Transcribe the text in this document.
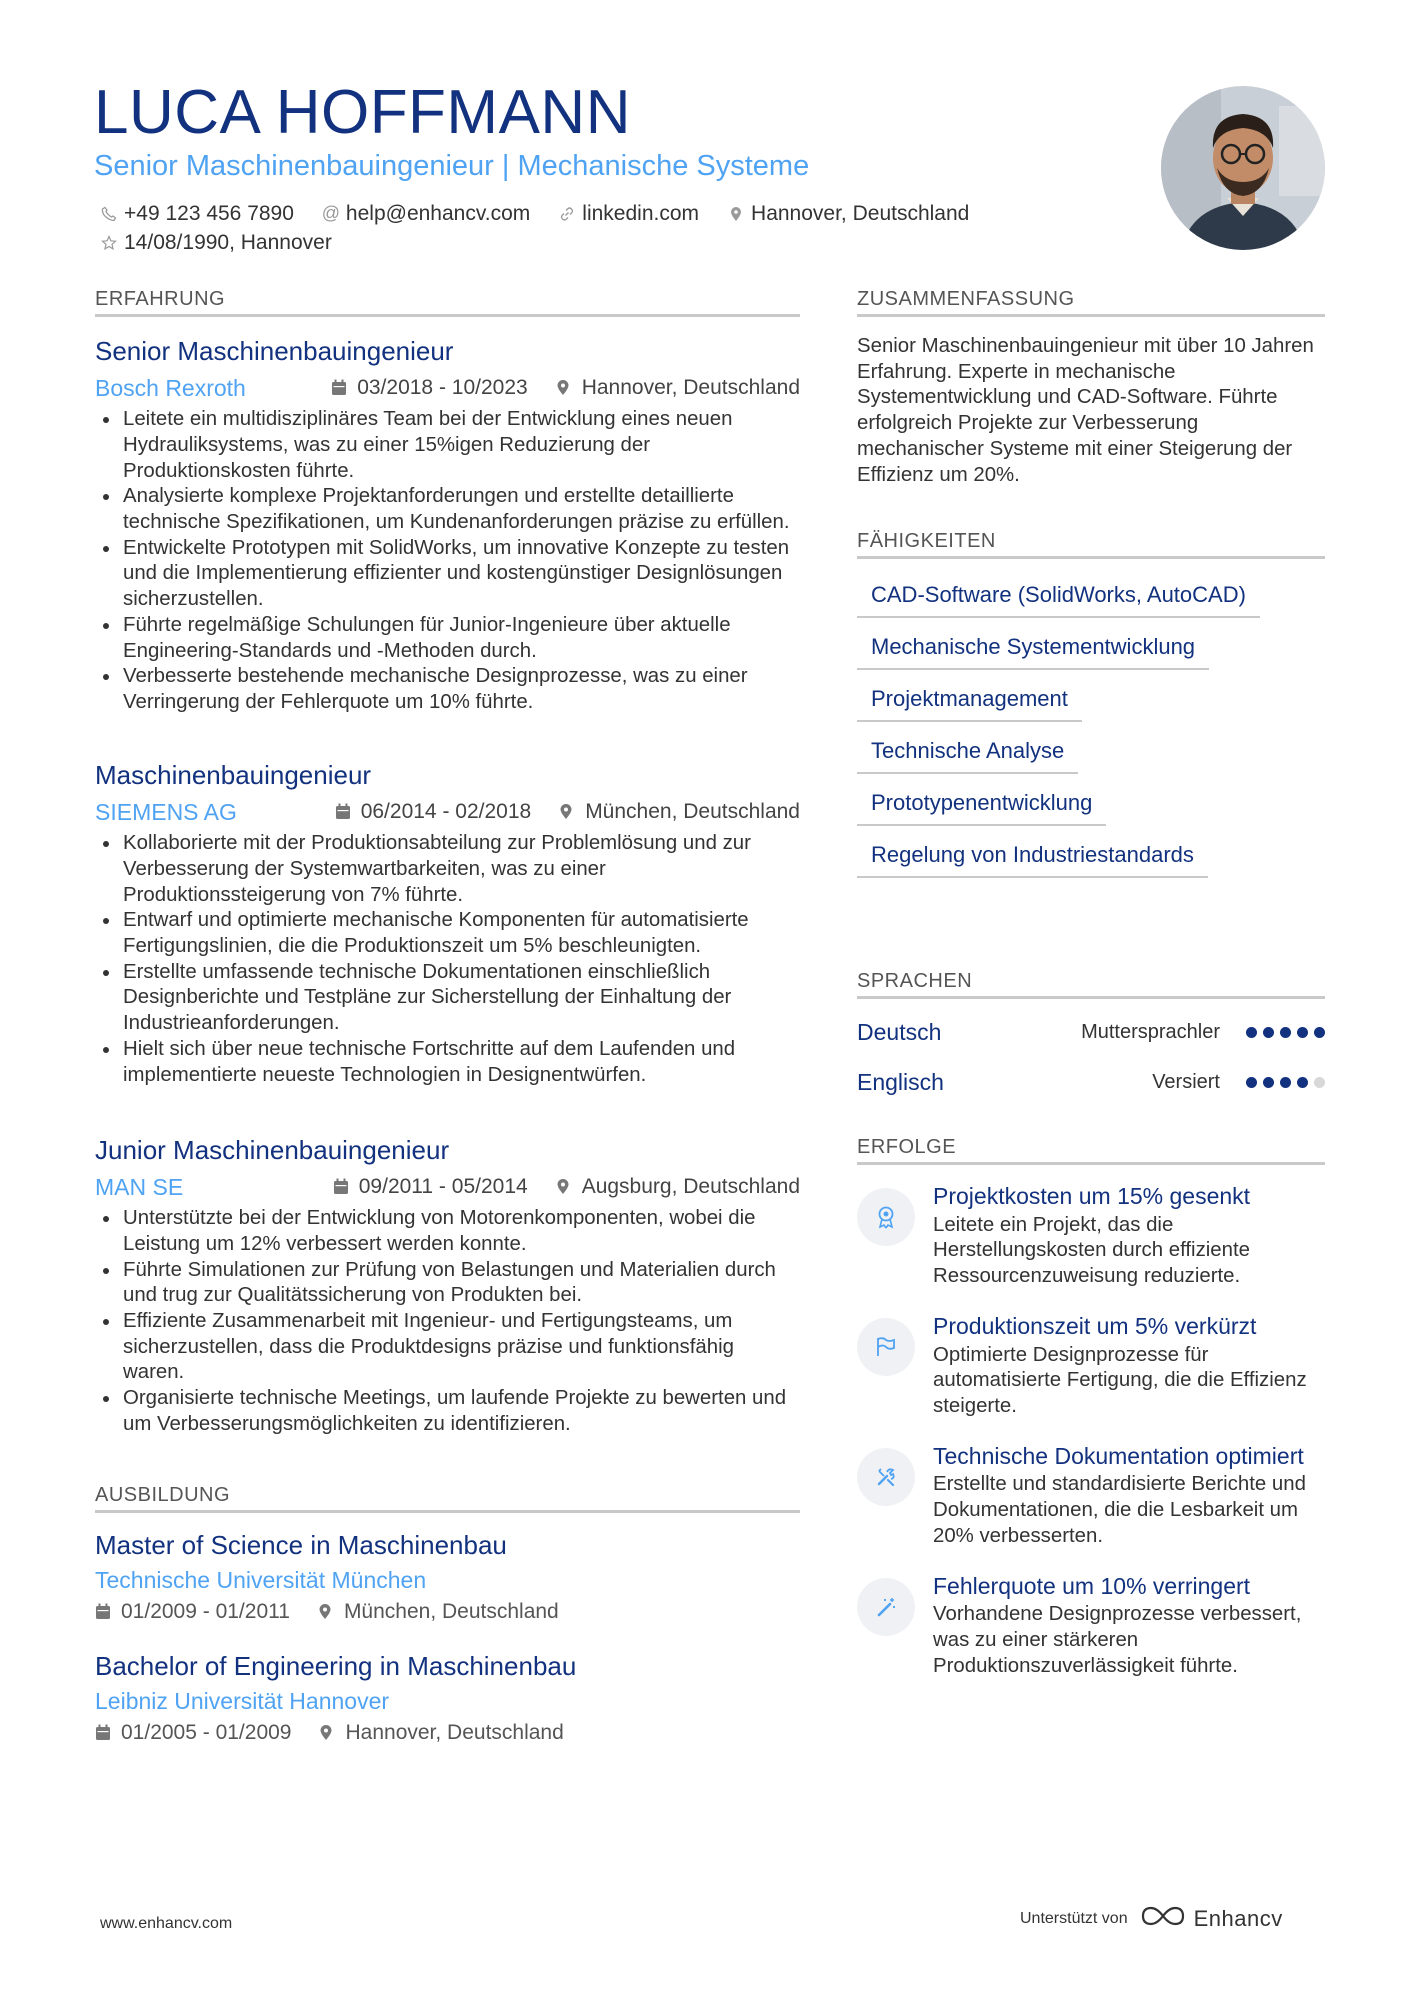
LUCA HOFFMANN
Senior Maschinenbauingenieur | Mechanische Systeme
+49 123 456 7890 @ help@enhancv.com linkedin.com Hannover, Deutschland
14/08/1990, Hannover
ERFAHRUNG
Senior Maschinenbauingenieur
Bosch Rexroth	03/2018 - 10/2023	Hannover, Deutschland
Leitete ein multidisziplinäres Team bei der Entwicklung eines neuen Hydrauliksystems, was zu einer 15%igen Reduzierung der Produktionskosten führte.
Analysierte komplexe Projektanforderungen und erstellte detaillierte technische Spezifikationen, um Kundenanforderungen präzise zu erfüllen.
Entwickelte Prototypen mit SolidWorks, um innovative Konzepte zu testen und die Implementierung effizienter und kostengünstiger Designlösungen sicherzustellen.
Führte regelmäßige Schulungen für Junior-Ingenieure über aktuelle Engineering-Standards und -Methoden durch.
Verbesserte bestehende mechanische Designprozesse, was zu einer Verringerung der Fehlerquote um 10% führte.
Maschinenbauingenieur
SIEMENS AG	06/2014 - 02/2018	München, Deutschland
Kollaborierte mit der Produktionsabteilung zur Problemlösung und zur Verbesserung der Systemwartbarkeiten, was zu einer Produktionssteigerung von 7% führte.
Entwarf und optimierte mechanische Komponenten für automatisierte Fertigungslinien, die die Produktionszeit um 5% beschleunigten.
Erstellte umfassende technische Dokumentationen einschließlich Designberichte und Testpläne zur Sicherstellung der Einhaltung der Industrieanforderungen.
Hielt sich über neue technische Fortschritte auf dem Laufenden und implementierte neueste Technologien in Designentwürfen.
Junior Maschinenbauingenieur
MAN SE	09/2011 - 05/2014	Augsburg, Deutschland
Unterstützte bei der Entwicklung von Motorenkomponenten, wobei die Leistung um 12% verbessert werden konnte.
Führte Simulationen zur Prüfung von Belastungen und Materialien durch und trug zur Qualitätssicherung von Produkten bei.
Effiziente Zusammenarbeit mit Ingenieur- und Fertigungsteams, um sicherzustellen, dass die Produktdesigns präzise und funktionsfähig waren.
Organisierte technische Meetings, um laufende Projekte zu bewerten und um Verbesserungsmöglichkeiten zu identifizieren.
AUSBILDUNG
Master of Science in Maschinenbau
Technische Universität München
01/2009 - 01/2011	München, Deutschland
Bachelor of Engineering in Maschinenbau
Leibniz Universität Hannover
01/2005 - 01/2009	Hannover, Deutschland
ZUSAMMENFASSUNG
Senior Maschinenbauingenieur mit über 10 Jahren Erfahrung. Experte in mechanische Systementwicklung und CAD-Software. Führte erfolgreich Projekte zur Verbesserung mechanischer Systeme mit einer Steigerung der Effizienz um 20%.
FÄHIGKEITEN
CAD-Software (SolidWorks, AutoCAD)
Mechanische Systementwicklung
Projektmanagement
Technische Analyse
Prototypenentwicklung
Regelung von Industriestandards
SPRACHEN
Deutsch	Muttersprachler
Englisch	Versiert
ERFOLGE
Projektkosten um 15% gesenkt
Leitete ein Projekt, das die Herstellungskosten durch effiziente Ressourcenzuweisung reduzierte.
Produktionszeit um 5% verkürzt
Optimierte Designprozesse für automatisierte Fertigung, die die Effizienz steigerte.
Technische Dokumentation optimiert
Erstellte und standardisierte Berichte und Dokumentationen, die die Lesbarkeit um 20% verbesserten.
Fehlerquote um 10% verringert
Vorhandene Designprozesse verbessert, was zu einer stärkeren Produktionszuverlässigkeit führte.
www.enhancv.com	Unterstützt von	Enhancv
